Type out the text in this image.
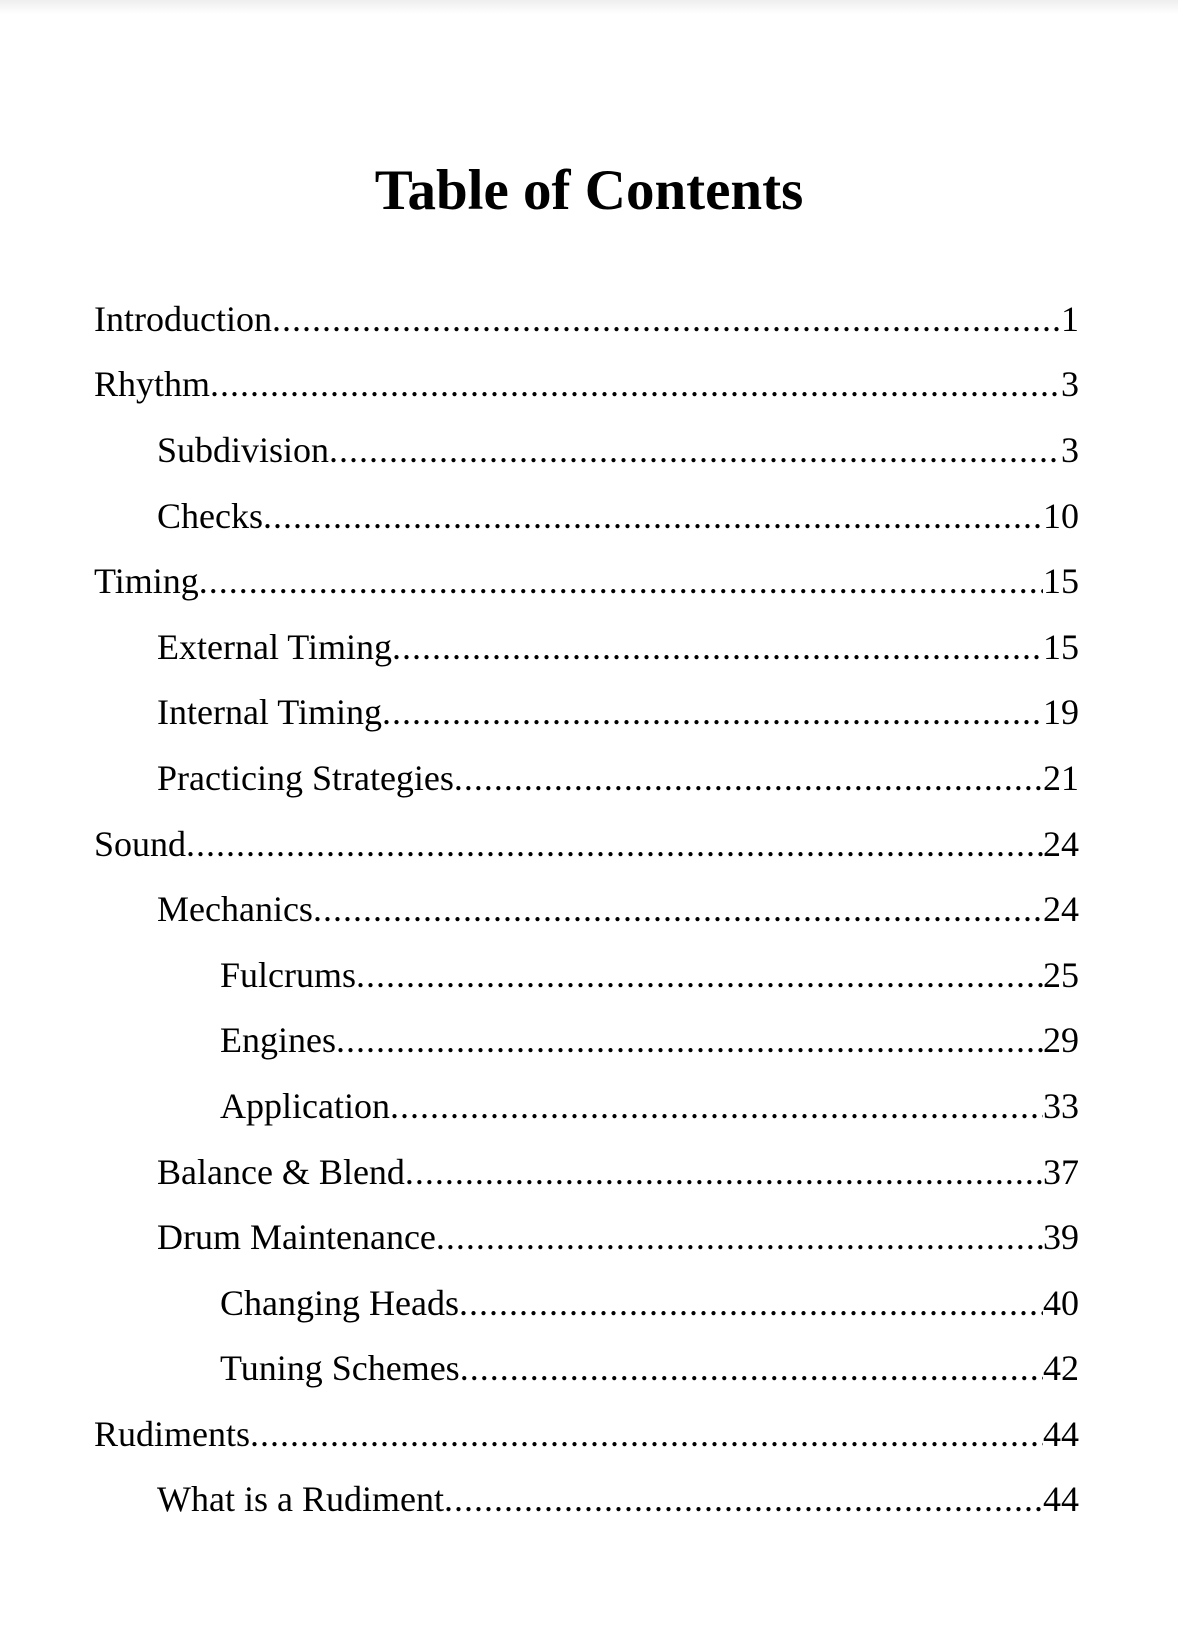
Table of Contents
Introduction .....	1
Rhythm .....	3
Subdivision .....	3
Checks .....	10
Timing .....	15
External Timing .....	15
Internal Timing .....	19
Practicing Strategies .....	21
Sound .....	24
Mechanics .....	24
Fulcrums .....	25
Engines .....	29
Application .....	33
Balance & Blend .....	37
Drum Maintenance .....	39
Changing Heads .....	40
Tuning Schemes .....	42
Rudiments .....	44
What is a Rudiment .....	44
